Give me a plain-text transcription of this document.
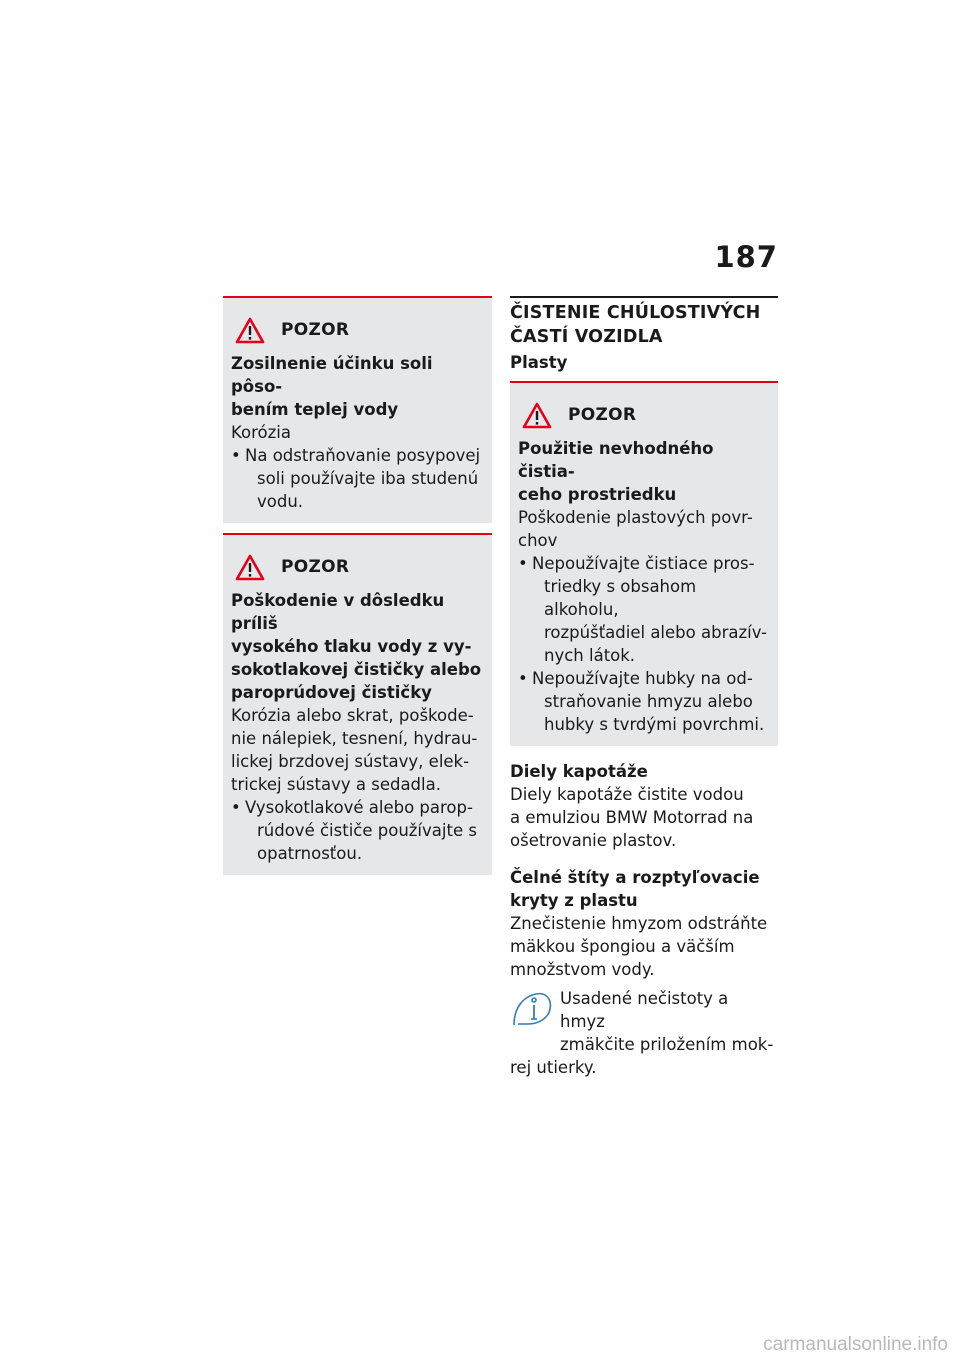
187
POZOR
Zosilnenie účinku soli pôso-
bením teplej vody
Korózia
• Na odstraňovanie posypovej
soli používajte iba studenú
vodu.
POZOR
Poškodenie v dôsledku príliš
vysokého tlaku vody z vy-
sokotlakovej čističky alebo
paroprúdovej čističky
Korózia alebo skrat, poškode-
nie nálepiek, tesnení, hydrau-
lickej brzdovej sústavy, elek-
trickej sústavy a sedadla.
• Vysokotlakové alebo parop-
rúdové čističe používajte s
opatrnosťou.
ČISTENIE CHÚLOSTIVÝCH
ČASTÍ VOZIDLA
Plasty
POZOR
Použitie nevhodného čistia-
ceho prostriedku
Poškodenie plastových povr-
chov
• Nepoužívajte čistiace pros-
triedky s obsahom alkoholu,
rozpúšťadiel alebo abrazív-
nych látok.
• Nepoužívajte hubky na od-
straňovanie hmyzu alebo
hubky s tvrdými povrchmi.
Diely kapotáže
Diely kapotáže čistite vodou
a emulziou BMW Motorrad na
ošetrovanie plastov.
Čelné štíty a rozptyľovacie
kryty z plastu
Znečistenie hmyzom odstráňte
mäkkou špongiou a väčším
množstvom vody.
Usadené nečistoty a hmyz
zmäkčite priložením mok-
rej utierky.
carmanualsonline.info
